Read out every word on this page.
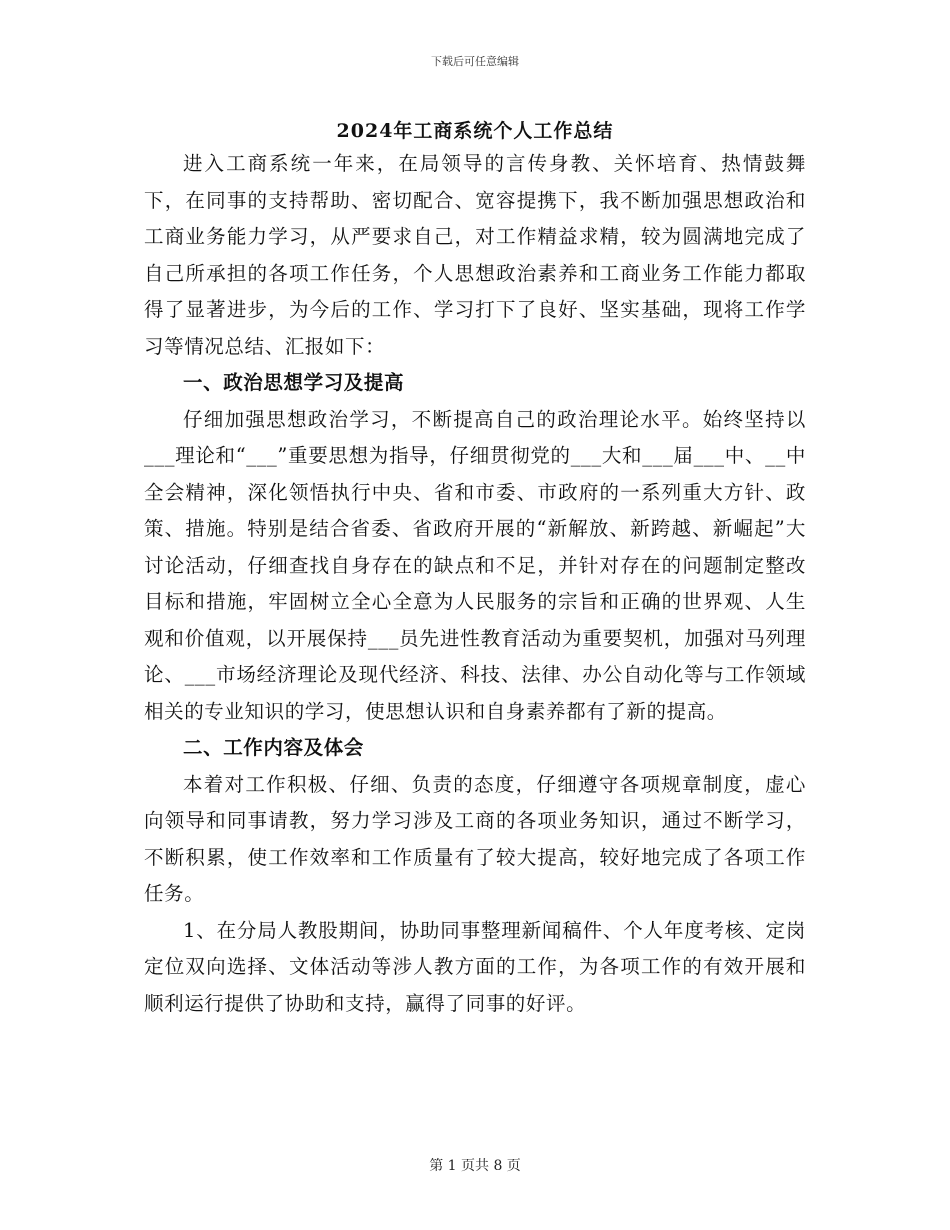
下载后可任意编辑
2024年工商系统个人工作总结

进入工商系统一年来，在局领导的言传身教、关怀培育、热情鼓舞下，在同事的支持帮助、密切配合、宽容提携下，我不断加强思想政治和工商业务能力学习，从严要求自己，对工作精益求精，较为圆满地完成了自己所承担的各项工作任务，个人思想政治素养和工商业务工作能力都取得了显著进步，为今后的工作、学习打下了良好、坚实基础，现将工作学习等情况总结、汇报如下：

一、政治思想学习及提高

仔细加强思想政治学习，不断提高自己的政治理论水平。始终坚持以___理论和“___”重要思想为指导，仔细贯彻党的___大和___届___中、__中全会精神，深化领悟执行中央、省和市委、市政府的一系列重大方针、政策、措施。特别是结合省委、省政府开展的“新解放、新跨越、新崛起”大讨论活动，仔细查找自身存在的缺点和不足，并针对存在的问题制定整改目标和措施，牢固树立全心全意为人民服务的宗旨和正确的世界观、人生观和价值观，以开展保持___员先进性教育活动为重要契机，加强对马列理论、___市场经济理论及现代经济、科技、法律、办公自动化等与工作领域相关的专业知识的学习，使思想认识和自身素养都有了新的提高。

二、工作内容及体会

本着对工作积极、仔细、负责的态度，仔细遵守各项规章制度，虚心向领导和同事请教，努力学习涉及工商的各项业务知识，通过不断学习，不断积累，使工作效率和工作质量有了较大提高，较好地完成了各项工作任务。

1、在分局人教股期间，协助同事整理新闻稿件、个人年度考核、定岗定位双向选择、文体活动等涉人教方面的工作，为各项工作的有效开展和顺利运行提供了协助和支持，赢得了同事的好评。

第 1 页共 8 页
